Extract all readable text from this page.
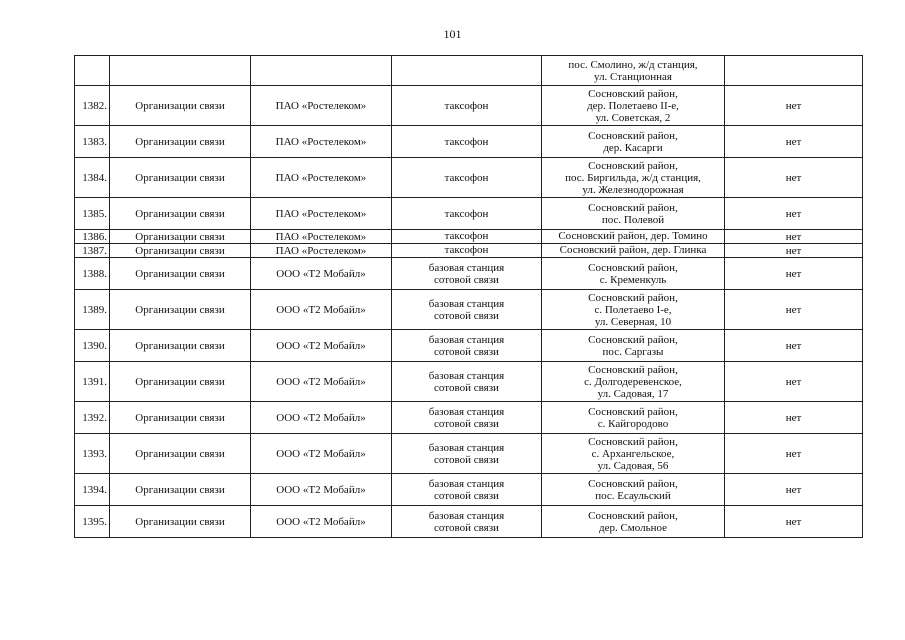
101

				пос. Смолино, ж/д станция,
ул. Станционная	

1382.	Организации связи	ПАО «Ростелеком»	таксофон	Сосновский район,
дер. Полетаево II-е,
ул. Советская, 2	нет
1383.	Организации связи	ПАО «Ростелеком»	таксофон	Сосновский район,
дер. Касарги	нет
1384.	Организации связи	ПАО «Ростелеком»	таксофон	Сосновский район,
пос. Биргильда, ж/д станция,
ул. Железнодорожная	нет
1385.	Организации связи	ПАО «Ростелеком»	таксофон	Сосновский район,
пос. Полевой	нет
1386.	Организации связи	ПАО «Ростелеком»	таксофон	Сосновский район, дер. Томино	нет
1387.	Организации связи	ПАО «Ростелеком»	таксофон	Сосновский район, дер. Глинка	нет
1388.	Организации связи	ООО «Т2 Мобайл»	базовая станция
сотовой связи	Сосновский район,
с. Кременкуль	нет
1389.	Организации связи	ООО «Т2 Мобайл»	базовая станция
сотовой связи	Сосновский район,
с. Полетаево I-е,
ул. Северная, 10	нет
1390.	Организации связи	ООО «Т2 Мобайл»	базовая станция
сотовой связи	Сосновский район,
пос. Саргазы	нет
1391.	Организации связи	ООО «Т2 Мобайл»	базовая станция
сотовой связи	Сосновский район,
с. Долгодеревенское,
ул. Садовая, 17	нет
1392.	Организации связи	ООО «Т2 Мобайл»	базовая станция
сотовой связи	Сосновский район,
с. Кайгородово	нет
1393.	Организации связи	ООО «Т2 Мобайл»	базовая станция
сотовой связи	Сосновский район,
с. Архангельское,
ул. Садовая, 56	нет
1394.	Организации связи	ООО «Т2 Мобайл»	базовая станция
сотовой связи	Сосновский район,
пос. Есаульский	нет
1395.	Организации связи	ООО «Т2 Мобайл»	базовая станция
сотовой связи	Сосновский район,
дер. Смольное	нет
